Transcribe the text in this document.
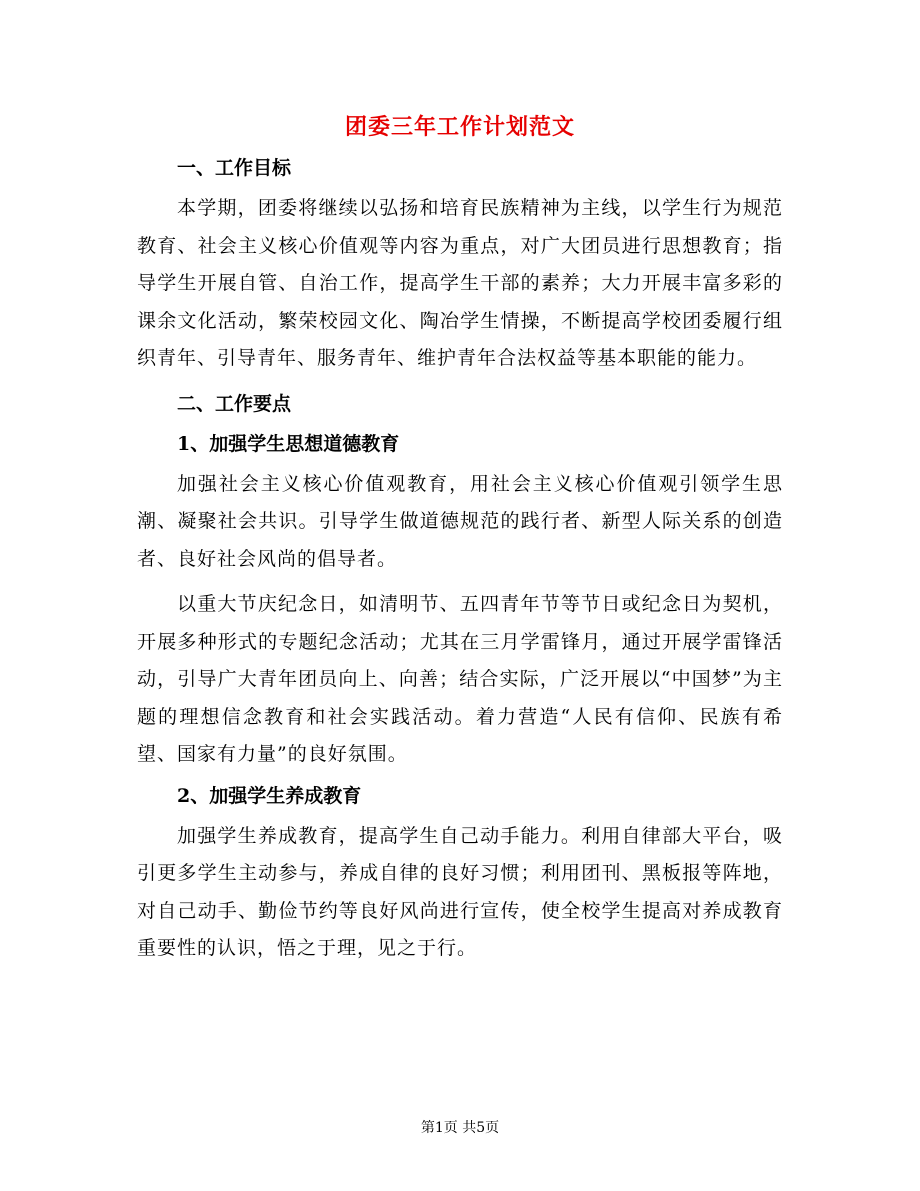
团委三年工作计划范文

一、工作目标

本学期，团委将继续以弘扬和培育民族精神为主线，以学生行为规范教育、社会主义核心价值观等内容为重点，对广大团员进行思想教育；指导学生开展自管、自治工作，提高学生干部的素养；大力开展丰富多彩的课余文化活动，繁荣校园文化、陶冶学生情操，不断提高学校团委履行组织青年、引导青年、服务青年、维护青年合法权益等基本职能的能力。

二、工作要点

1、加强学生思想道德教育

加强社会主义核心价值观教育，用社会主义核心价值观引领学生思潮、凝聚社会共识。引导学生做道德规范的践行者、新型人际关系的创造者、良好社会风尚的倡导者。

以重大节庆纪念日，如清明节、五四青年节等节日或纪念日为契机，开展多种形式的专题纪念活动；尤其在三月学雷锋月，通过开展学雷锋活动，引导广大青年团员向上、向善；结合实际，广泛开展以“中国梦”为主题的理想信念教育和社会实践活动。着力营造“人民有信仰、民族有希望、国家有力量”的良好氛围。

2、加强学生养成教育

加强学生养成教育，提高学生自己动手能力。利用自律部大平台，吸引更多学生主动参与，养成自律的良好习惯；利用团刊、黑板报等阵地，对自己动手、勤俭节约等良好风尚进行宣传，使全校学生提高对养成教育重要性的认识，悟之于理，见之于行。

第1页 共5页
